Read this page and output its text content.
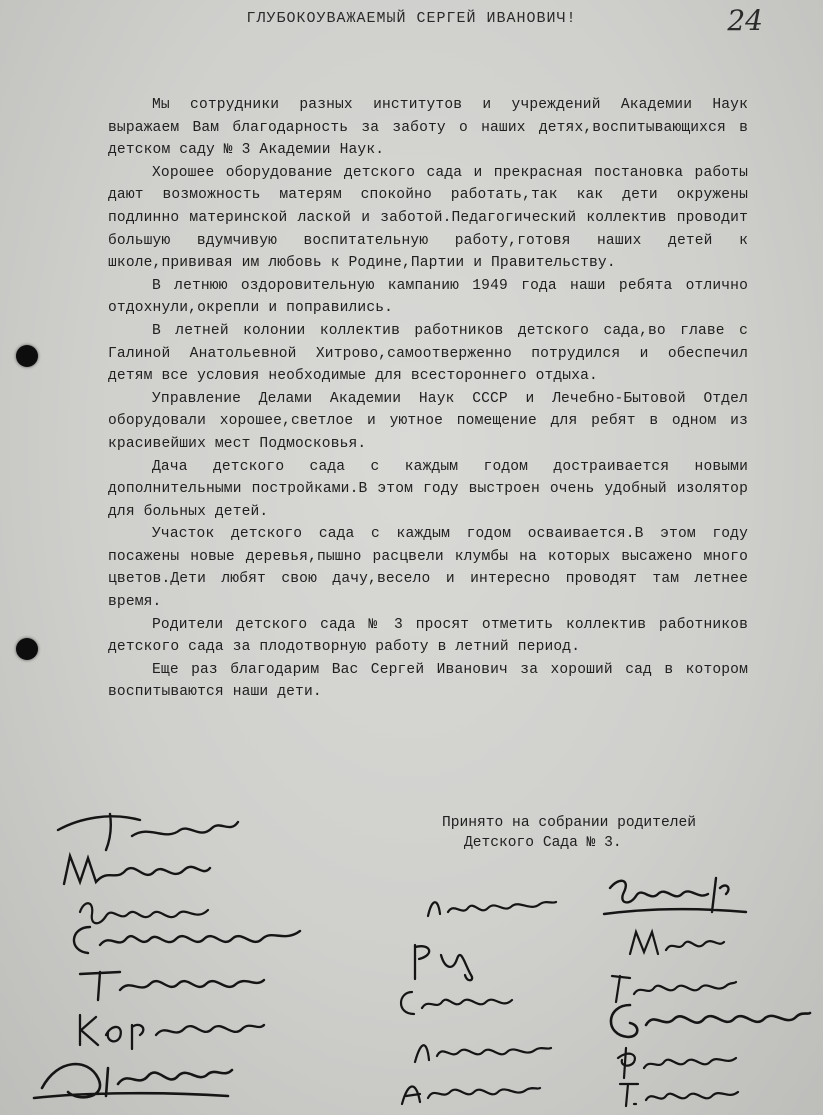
24
ГЛУБОКОУВАЖАЕМЫЙ СЕРГЕЙ ИВАНОВИЧ!

Мы сотрудники разных институтов и учреждений Академии Наук выражаем Вам благодарность за заботу о наших детях,воспитывающихся в детском саду № 3 Академии Наук.

Хорошее оборудование детского сада и прекрасная постановка работы дают возможность матерям спокойно работать,так как дети окружены подлинно материнской лаской и заботой.Педагогический коллектив проводит большую вдумчивую воспитательную работу,готовя наших детей к школе,прививая им любовь к Родине,Партии и Правительству.

В летнюю оздоровительную кампанию 1949 года наши ребята отлично отдохнули,окрепли и поправились.

В летней колонии коллектив работников детского сада,во главе с Галиной Анатольевной Хитрово,самоотверженно потрудился и обеспечил детям все условия необходимые для всестороннего отдыха.

Управление Делами Академии Наук СССР и Лечебно-Бытовой Отдел оборудовали хорошее,светлое и уютное помещение для ребят в одном из красивейших мест Подмосковья.

Дача детского сада с каждым годом достраивается новыми дополнительными постройками.В этом году выстроен очень удобный изолятор для больных детей.

Участок детского сада с каждым годом осваивается.В этом году посажены новые деревья,пышно расцвели клумбы на которых высажено много цветов.Дети любят свою дачу,весело и интересно проводят там летнее время.

Родители детского сада № 3 просят отметить коллектив работников детского сада за плодотворную работу в летний период.

Еще раз благодарим Вас Сергей Иванович за хороший сад в котором воспитываются наши дети.

Принято на собрании родителей
Детского Сада № 3.
